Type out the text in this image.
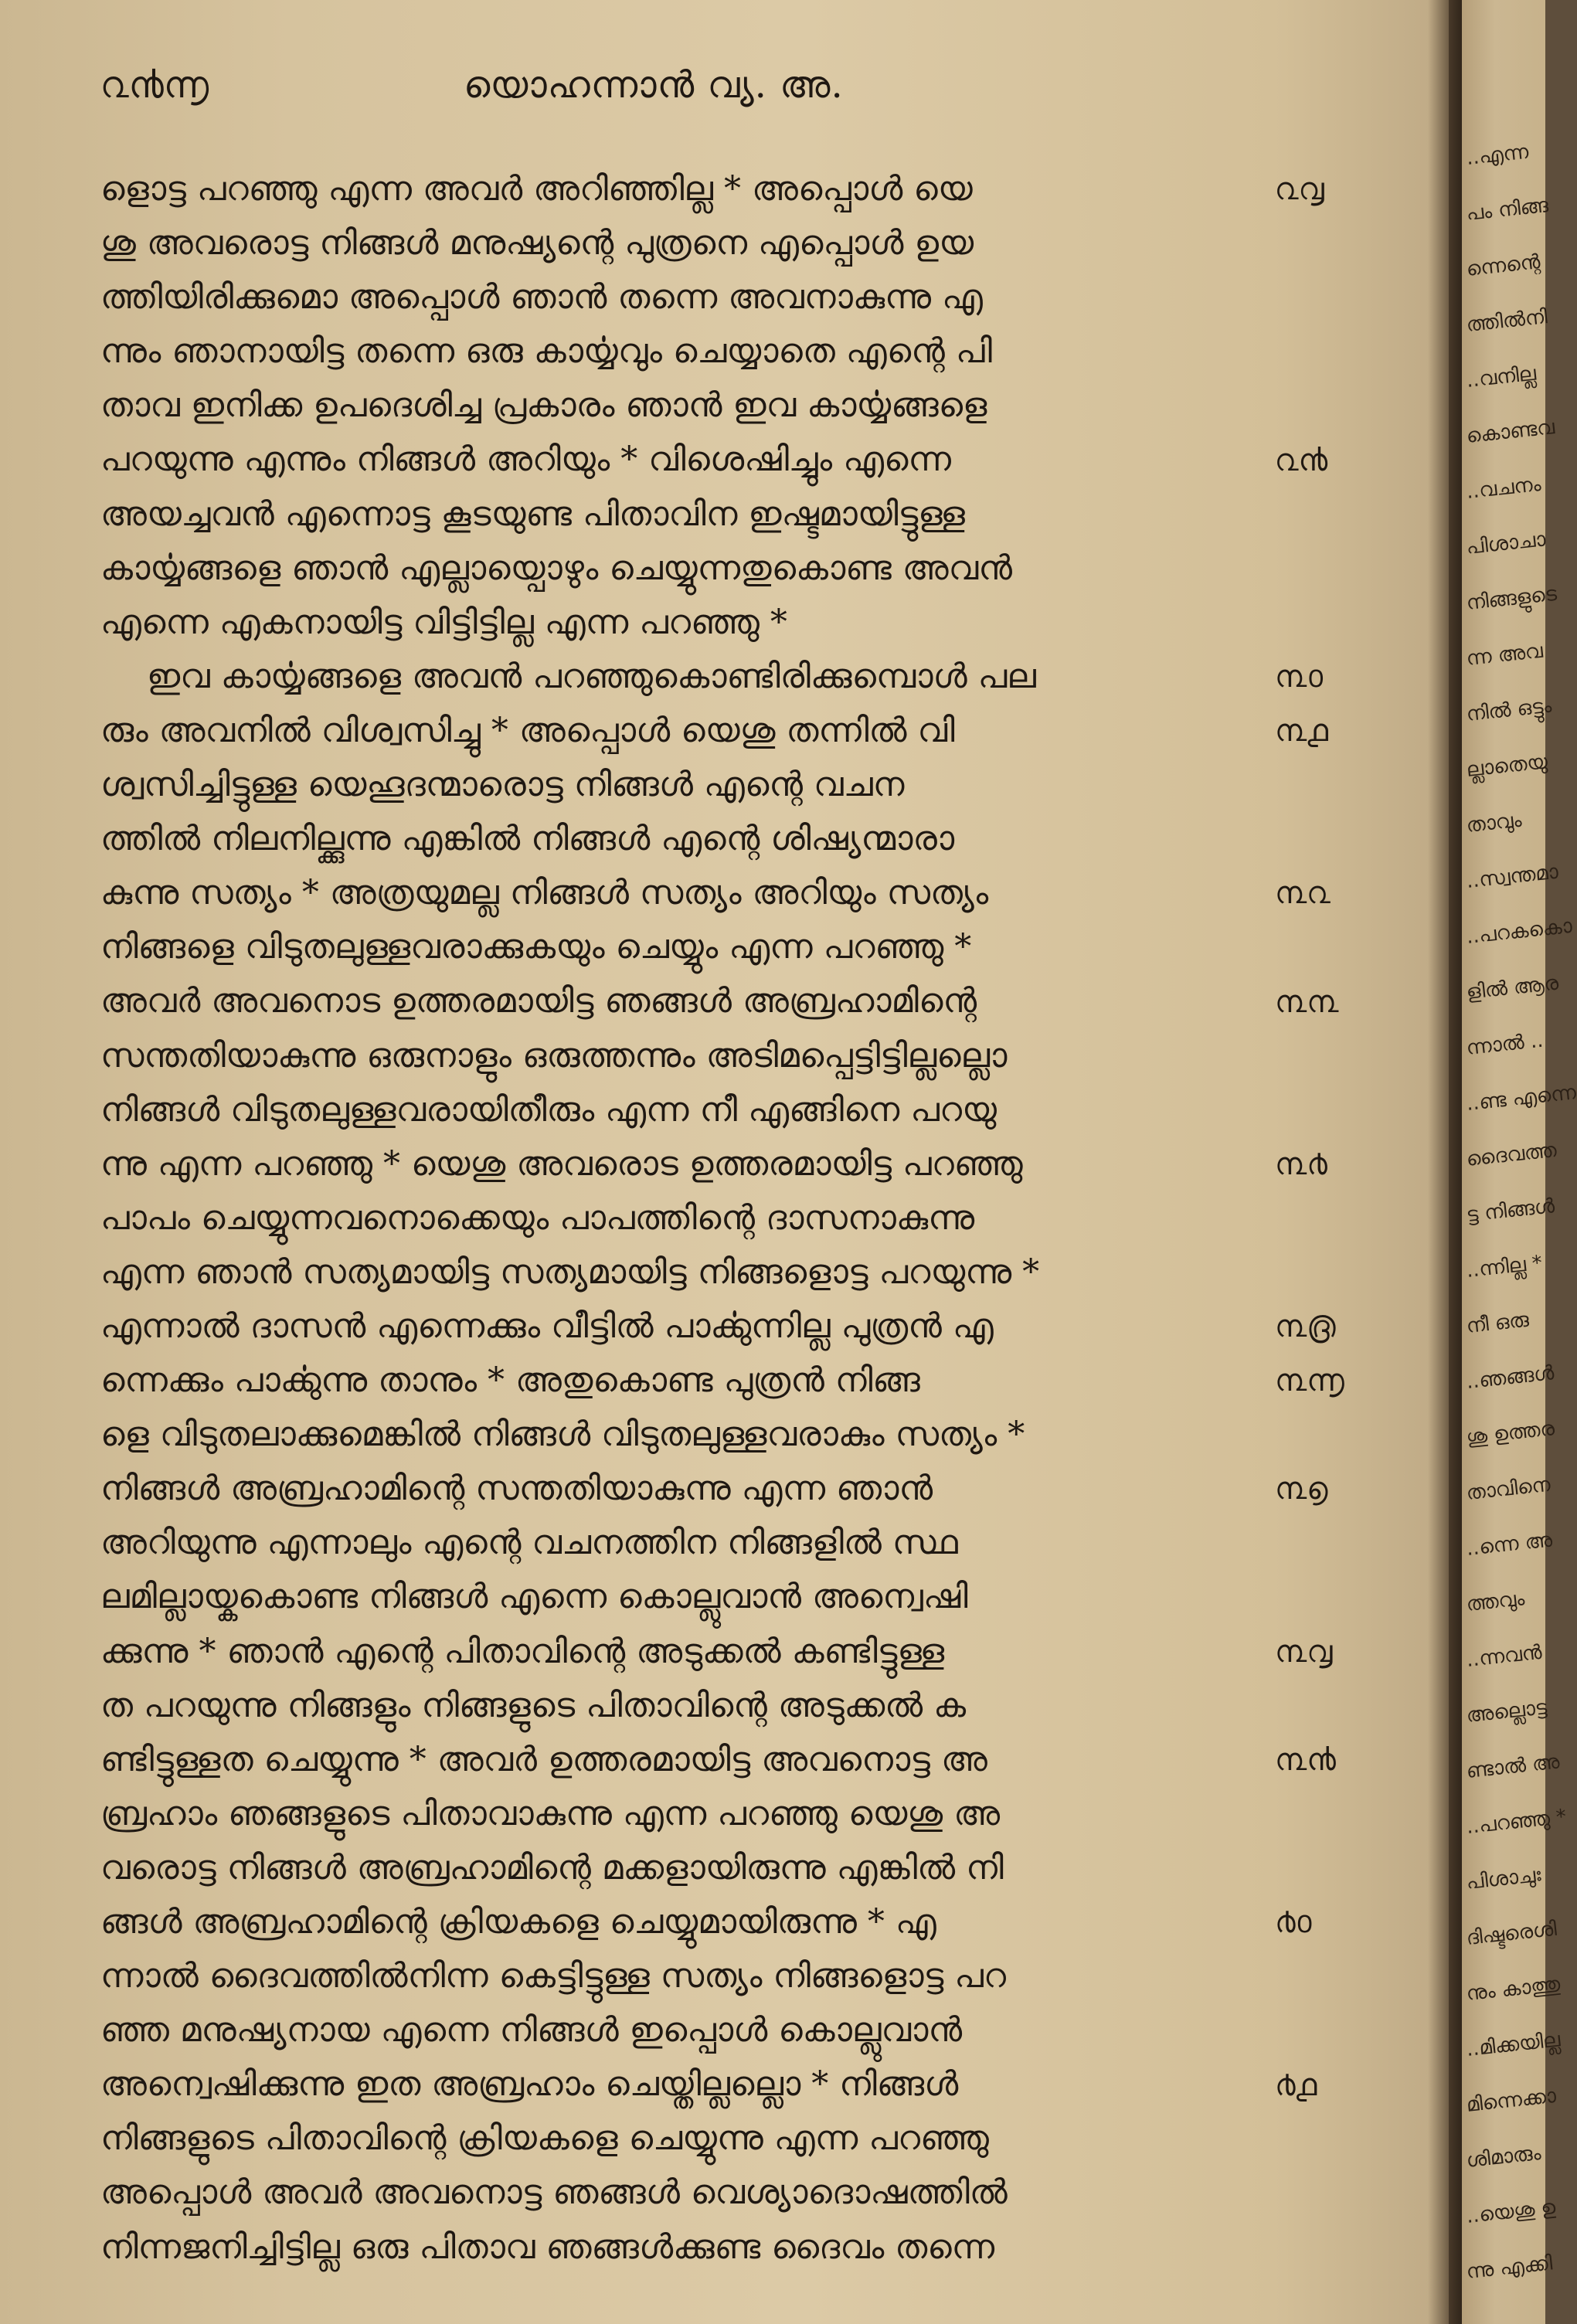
൨൯൬	യൊഹന്നാൻ വ്യ. അ.
ളൊട്ട പറഞ്ഞു എന്ന അവർ അറിഞ്ഞില്ല * അപ്പൊൾ യെ
ശു അവരൊട്ട നിങ്ങൾ മനുഷ്യന്റെ പുത്രനെ എപ്പൊൾ ഉയ
ത്തിയിരിക്കുമൊ അപ്പൊൾ ഞാൻ തന്നെ അവനാകുന്നു എ
ന്നും ഞാനായിട്ട തന്നെ ഒരു കാൎയ്യവും ചെയ്യാതെ എന്റെ പി
താവ ഇനിക്ക ഉപദെശിച്ച പ്രകാരം ഞാൻ ഇവ കാൎയ്യങ്ങളെ
പറയുന്നു എന്നും നിങ്ങൾ അറിയും * വിശെഷിച്ചും എന്നെ
അയച്ചവൻ എന്നൊട്ട കൂടയുണ്ട പിതാവിന ഇഷ്ടമായിട്ടുള്ള
കാൎയ്യങ്ങളെ ഞാൻ എല്ലായ്പൊഴും ചെയ്യുന്നതുകൊണ്ട അവൻ
എന്നെ എകനായിട്ട വിട്ടിട്ടില്ല എന്ന പറഞ്ഞു *
ഇവ കാൎയ്യങ്ങളെ അവൻ പറഞ്ഞുകൊണ്ടിരിക്കുമ്പൊൾ പല
രും അവനിൽ വിശ്വസിച്ചു * അപ്പൊൾ യെശു തന്നിൽ വി
ശ്വസിച്ചിട്ടുള്ള യെഹൂദന്മാരൊട്ട നിങ്ങൾ എന്റെ വചന
ത്തിൽ നിലനില്ക്കുന്നു എങ്കിൽ നിങ്ങൾ എന്റെ ശിഷ്യന്മാരാ
കുന്നു സത്യം * അത്രയുമല്ല നിങ്ങൾ സത്യം അറിയും സത്യം
നിങ്ങളെ വിടുതലുള്ളവരാക്കുകയും ചെയ്യും എന്ന പറഞ്ഞു *
അവർ അവനൊട ഉത്തരമായിട്ട ഞങ്ങൾ അബ്രഹാമിന്റെ
സന്തതിയാകുന്നു ഒരുനാളും ഒരുത്തന്നും അടിമപ്പെട്ടിട്ടില്ലല്ലൊ
നിങ്ങൾ വിടുതലുള്ളവരായിതീരും എന്ന നീ എങ്ങിനെ പറയു
ന്നു എന്ന പറഞ്ഞു * യെശു അവരൊട ഉത്തരമായിട്ട പറഞ്ഞു
പാപം ചെയ്യുന്നവനൊക്കെയും പാപത്തിന്റെ ദാസനാകുന്നു
എന്ന ഞാൻ സത്യമായിട്ട സത്യമായിട്ട നിങ്ങളൊട്ട പറയുന്നു *
എന്നാൽ ദാസൻ എന്നെക്കും വീട്ടിൽ പാൎക്കുന്നില്ല പുത്രൻ എ
ന്നെക്കും പാൎക്കുന്നു താനും * അതുകൊണ്ട പുത്രൻ നിങ്ങ
ളെ വിടുതലാക്കുമെങ്കിൽ നിങ്ങൾ വിടുതലുള്ളവരാകും സത്യം *
നിങ്ങൾ അബ്രഹാമിന്റെ സന്തതിയാകുന്നു എന്ന ഞാൻ
അറിയുന്നു എന്നാലും എന്റെ വചനത്തിന നിങ്ങളിൽ സ്ഥ
ലമില്ലായ്കകൊണ്ട നിങ്ങൾ എന്നെ കൊല്ലുവാൻ അന്വെഷി
ക്കുന്നു * ഞാൻ എന്റെ പിതാവിന്റെ അടുക്കൽ കണ്ടിട്ടുള്ള
ത പറയുന്നു നിങ്ങളും നിങ്ങളുടെ പിതാവിന്റെ അടുക്കൽ ക
ണ്ടിട്ടുള്ളത ചെയ്യുന്നു * അവർ ഉത്തരമായിട്ട അവനൊട്ട അ
ബ്രഹാം ഞങ്ങളുടെ പിതാവാകുന്നു എന്ന പറഞ്ഞു യെശു അ
വരൊട്ട നിങ്ങൾ അബ്രഹാമിന്റെ മക്കളായിരുന്നു എങ്കിൽ നി
ങ്ങൾ അബ്രഹാമിന്റെ ക്രിയകളെ ചെയ്യുമായിരുന്നു * എ
ന്നാൽ ദൈവത്തിൽനിന്ന കെട്ടിട്ടുള്ള സത്യം നിങ്ങളൊട്ട പറ
ഞ്ഞ മനുഷ്യനായ എന്നെ നിങ്ങൾ ഇപ്പൊൾ കൊല്ലുവാൻ
അന്വെഷിക്കുന്നു ഇത അബ്രഹാം ചെയ്തില്ലല്ലൊ * നിങ്ങൾ
നിങ്ങളുടെ പിതാവിന്റെ ക്രിയകളെ ചെയ്യുന്നു എന്ന പറഞ്ഞു
അപ്പൊൾ അവർ അവനൊട്ട ഞങ്ങൾ വെശ്യാദൊഷത്തിൽ
നിന്നജനിച്ചിട്ടില്ല ഒരു പിതാവ ഞങ്ങൾക്കുണ്ട ദൈവം തന്നെ
൨൮
൨൯
൩൦
൩൧
൩൨
൩൩
൩൪
൩൫
൩൬
൩൭
൩൮
൩൯
൪൦
൪൧
..എന്ന
പം നിങ്ങ
ന്നെന്റെ
ത്തിൽനി
..വനില്ല
കൊണ്ടവ
..വചനം
പിശാചാ
നിങ്ങളുടെ
ന്ന അവ
നിൽ ഒട്ടും
ല്ലാതെയു
താവും
..സ്വന്തമാ
..പറകകൊ
ളിൽ ആര
ന്നാൽ ..
..ണ്ട എന്നെ
ദൈവത്ത
ട്ട നിങ്ങൾ
..ന്നില്ല *
നീ ഒരു
..ഞങ്ങൾ
ശു ഉത്തര
താവിനെ
..ന്നെ അ
ത്തവും
..ന്നവൻ
അല്ലൊട്ട
ണ്ടാൽ അ
..പറഞ്ഞു *
പിശാചുഃ
ദിഷ്ടരെശി
നും കാത്തു
..മിക്കയില്ല
മിന്നെക്കാ
ശിമാരും
..യെശു ഉ
ന്നു എക്കി
